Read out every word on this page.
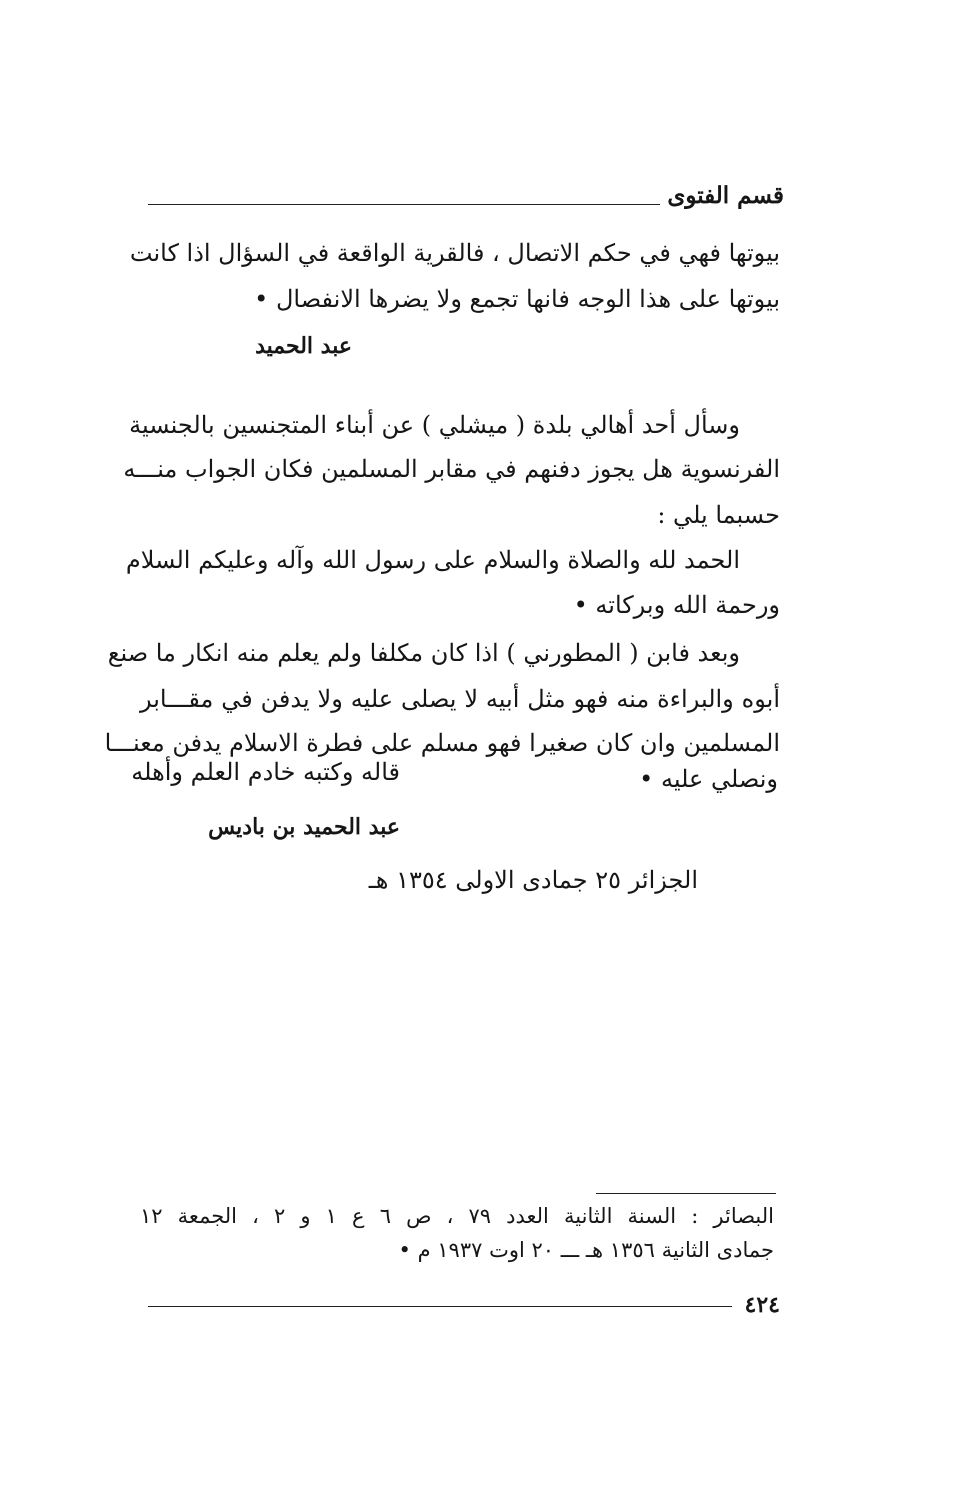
قسم الفتوى
بيوتها فهي في حكم الاتصال ، فالقرية الواقعة في السؤال اذا كانت
بيوتها على هذا الوجه فانها تجمع ولا يضرها الانفصال •
عبد الحميد
وسأل أحد أهالي بلدة ( ميشلي ) عن أبناء المتجنسين بالجنسية
الفرنسوية هل يجوز دفنهم في مقابر المسلمين فكان الجواب منـــه
حسبما يلي :
الحمد لله والصلاة والسلام على رسول الله وآله وعليكم السلام
ورحمة الله وبركاته •
وبعد فابن ( المطورني ) اذا كان مكلفا ولم يعلم منه انكار ما صنع
أبوه والبراءة منه فهو مثل أبيه لا يصلى عليه ولا يدفن في مقـــابر
المسلمين وان كان صغيرا فهو مسلم على فطرة الاسلام يدفن معنـــا
ونصلي عليه •
قاله وكتبه خادم العلم وأهله
عبد الحميد بن باديس
الجزائر ٢٥ جمادى الاولى ١٣٥٤ هـ
البصائر : السنة الثانية العدد ٧٩ ، ص ٦ ع ١ و ٢ ، الجمعة ١٢
جمادى الثانية ١٣٥٦ هـ ـــ ٢٠ اوت ١٩٣٧ م •
٤٢٤
